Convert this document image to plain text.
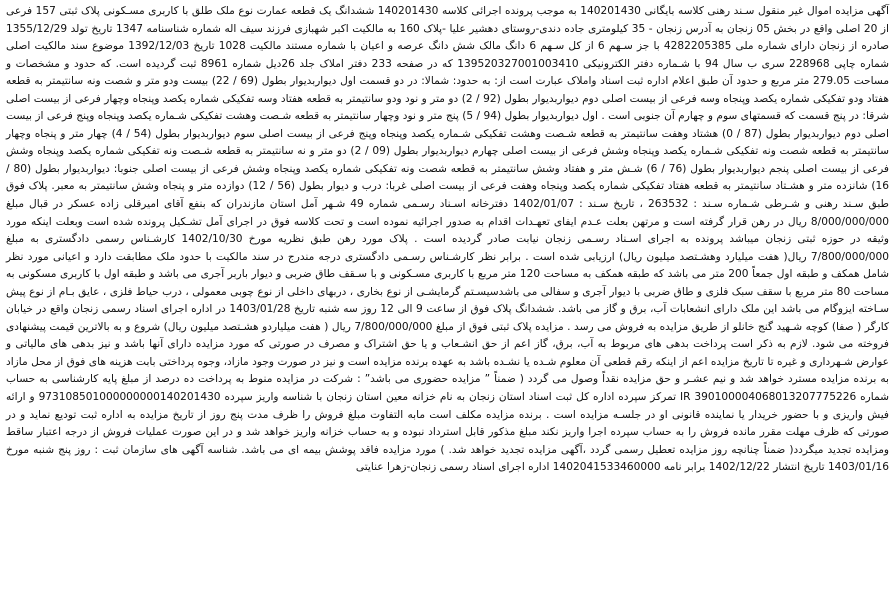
آگهی مزایده اموال غیر منقول سـند رهنی کلاسه بایگانی 140201430 به موجب پرونده اجرائی کلاسه 140201430 ششدانگ یک قطعه عمارت نوع ملک طلق با کاربری مسـکونی پلاک ثبتی 157 فرعی از 20 اصلی واقع در بخش 05 زنجان به آدرس زنجان - 35 کیلومتری جاده دندی-روستای دهشیر علیا -پلاک 160 به مالکیت اکبر شهبازی فرزند سیف اله شماره شناسنامه 1347 تاریخ تولد 1355/12/29 صادره از زنجان دارای شماره ملی 4282205385 با جز سـهم 6 از کل سـهم 6 دانگ مالک شش دانگ عرصه و اعیان با شماره مستند مالکیت 1028 تاریخ 1392/12/03 موضوع سند مالکیت اصلی شماره چاپی 228968 سری ب سال 94 با شـماره دفتر الکترونیکی 139520327001003410 که در صفحه 233 دفتر املاک جلد 26دیل شماره 8961 ثبت گردیده است. که حدود و مشخصات و مساحت 279.05 متر مربع و حدود آن طبق اعلام اداره ثبت اسناد واملاک عبارت است از: به حدود: شمالا: در دو قسمت اول دیواربدیوار بطول (69 / 22) بیست ودو متر و شصت ونه سانتیمتر به قطعه هفتاد ودو تفکیکی شماره یکصد وپنجاه وسه فرعی از بیست اصلی دوم دیواربدیوار بطول (92 / 2) دو متر و نود ودو سانتیمتر به قطعه هفتاد وسه تفکیکی شماره یکصد وپنجاه وچهار فرعی از بیست اصلی شرقا: در پنج قسمت که قسمتهای سوم و چهارم آن جنوبی است . اول دیواربدیوار بطول (94 / 5) پنج متر و نود وچهار سانتیمتر به قطعه شـصت وهشت تفکیکی شـماره یکصد وپنجاه وپنج فرعی از بیست اصلی دوم دیواربدیوار بطول (87 / 0) هشتاد وهفت سانتیمتر به قطعه شـصت وهشت تفکیکی شـماره یکصد وپنجاه وپنج فرعی از بیست اصلی سوم دیواربدیوار بطول (54 / 4) چهار متر و پنجاه وچهار سانتیمتر به قطعه شصت ونه تفکیکی شـماره یکصد وپنجاه وشش فرعی از بیست اصلی چهارم دیواربدیوار بطول (09 / 2) دو متر و نه سانتیمتر به قطعه شـصت ونه تفکیکی شماره یکصد وپنجاه وشش فرعی از بیست اصلی پنجم دیواربدیوار بطول (76 / 6) شـش متر و هفتاد وشش سانتیمتر به قطعه شصت ونه تفکیکی شماره یکصد وپنجاه وشش فرعی از بیست اصلی جنوبا: دیواربدیوار بطول (80 / 16) شانزده متر و هشـتاد سانتیمتر به قطعه هفتاد تفکیکی شماره یکصد وپنجاه وهفت فرعی از بیست اصلی غربا: درب و دیوار بطول (56 / 12) دوازده متر و پنجاه وشش سانتیمتر به معبر. پلاک فوق طبق سـند رهنی و شـرطی شـماره سـند : 263532 ، تاریخ سـند : 1402/01/07 دفترخانه اسـناد رسـمی شماره 49 شـهر آمل استان مازندران که بنفع آقای امیرقلی زاده عسکر در قبال مبلغ 8/000/000/000 ریال در رهن قرار گرفته است و مرتهن بعلت عـدم ایفای تعهـدات اقدام به صدور اجرائیه نموده است و تحت کلاسه فوق در اجرای آمل تشـکیل پرونده شده است وبعلت اینکه مورد وثیقه در حوزه ثبتی زنجان میباشد پرونده به اجرای اسـناد رسـمی زنجان نیابت صادر گردیده است . پلاک مورد رهن طبق نظریه مورخ 1402/10/30 کارشـناس رسمی دادگستری به مبلغ 7/800/000/000 ریال( هفت میلیارد وهشـتصد میلیون ریال) ارزیابی شده است . برابر نظر کارشـناس رسـمی دادگستری درجه مندرج در سند مالکیت با حدود ملک مطابقت دارد و اعیانی مورد نظر شامل همکف و طبقه اول جمعاً 200 متر می باشد که طبقه همکف به مساحت 120 متر مربع با کاربری مسـکونی و با سـقف طاق ضربی و دیوار باربر آجری می باشد و طبقه اول با کاربری مسکونی به مساحت 80 متر مربع با سقف سبک فلزی و طاق ضربی با دیوار آجری و سفالی می باشدسیسـتم گرمایشـی از نوع بخاری ، دربهای داخلی از نوع چوبی معمولی ، درب حیاط فلزی ، عایق بـام از نوع پیش سـاخته ایزوگام می باشد این ملک دارای انشعابات آب، برق و گاز می باشد. ششدانگ پلاک فوق از ساعت 9 الی 12 روز سه شنبه تاریخ 1403/01/28 در اداره اجرای اسناد رسمی زنجان واقع در خیابان کارگر ( صفا) کوچه شـهید گنج خانلو از طریق مزایده به فروش می رسد . مزایده پلاک ثبتی فوق از مبلغ 7/800/000/000 ریال ( هفت میلیاردو هشـتصد میلیون ریال) شروع و به بالاترین قیمت پیشنهادی فروخته می شود. لازم به ذکر است پرداخت بدهی های مربوط به آب، برق، گاز اعم از حق انشـعاب و یا حق اشتراک و مصرف در صورتی که مورد مزایده دارای آنها باشد و نیز بدهی های مالیاتی و عوارض شـهرداری و غیره تا تاریخ مزایده اعم از اینکه رقم قطعی آن معلوم شـده یا نشـده باشد به عهده برنده مزایده است و نیز در صورت وجود مازاد، وجوه پرداختی بابت هزینه های فوق از محل مازاد به برنده مزایده مسترد خواهد شد و نیم عشـر و حق مزایده نقداً وصول می گردد ( ضمناً ” مزایده حضوری می باشد” : شرکت در مزایده منوط به پرداخت ده درصد از مبلغ پایه کارشناسی به حساب شماره IR 390100004068013207775226 تمرکز سپرده اداره کل ثبت اسناد استان زنجان به نام خزانه معین استان زنجان با شناسه واریز سپرده 973108501000000000140201430 و ارائه فیش واریزی و با حضور خریدار یا نماینده قانونی او در جلسـه مزایده است . برنده مزایده مکلف است مابه التفاوت مبلغ فروش را ظرف مدت پنج روز از تاریخ مزایده به اداره ثبت تودیع نماید و در صورتی که ظرف مهلت مقرر مانده فروش را به حساب سپرده اجرا واریز نکند مبلغ مذکور قابل استرداد نبوده و به حساب خزانه واریز خواهد شد و در این صورت عملیات فروش از درجه اعتبار ساقط ومزایده تجدید میگردد( ضمناً چنانچه روز مزایده تعطیل رسمی گردد ،آگهی مزایده تجدید خواهد شد. ) مورد مزایده فاقد پوشش بیمه ای می باشد. شناسه آگهی های سازمان ثبت : روز پنج شنبه مورخ 1403/01/16 تاریخ انتشار 1402/12/22 برابر نامه 1402041533460000 اداره اجرای اسناد رسمی زنجان-زهرا عنایتی
